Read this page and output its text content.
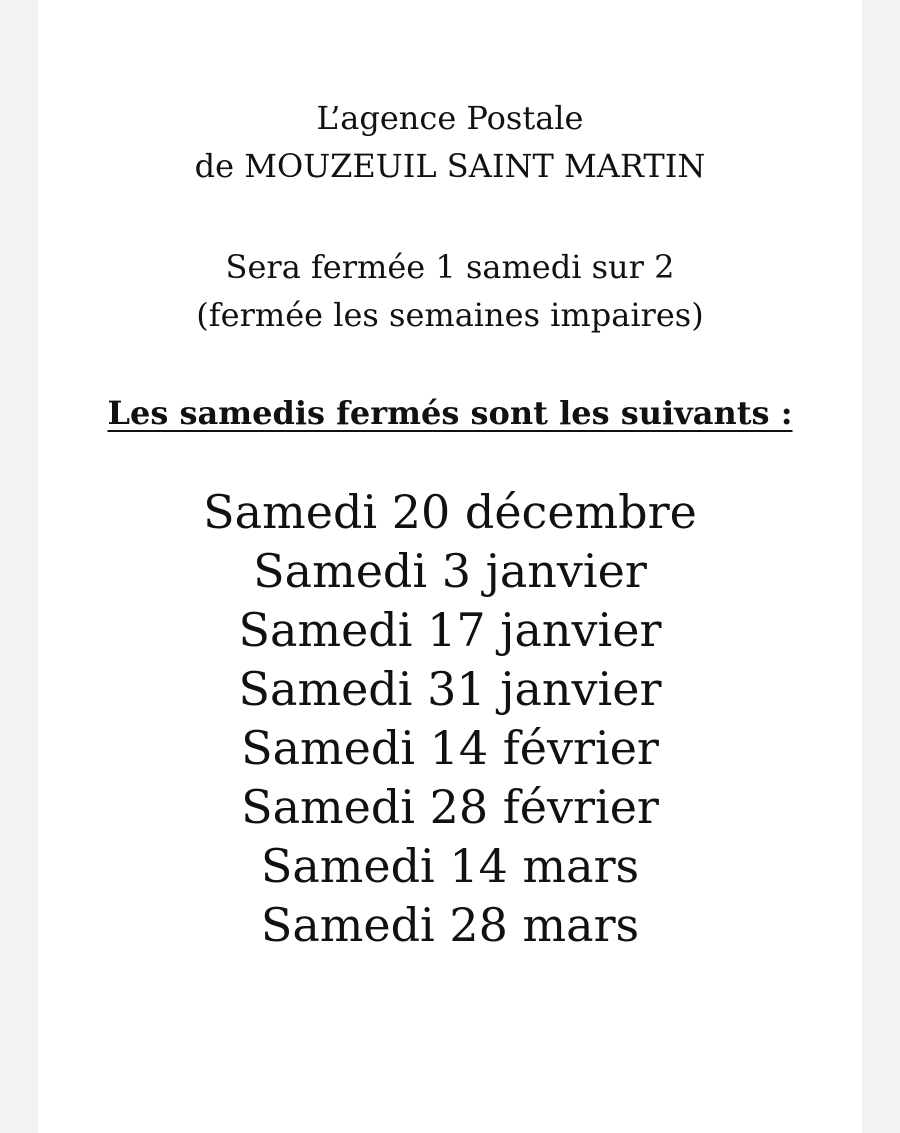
L’agence Postale

de MOUZEUIL SAINT MARTIN

Sera fermée 1 samedi sur 2

(fermée les semaines impaires)

Les samedis fermés sont les suivants :

Samedi 20 décembre
Samedi 3 janvier
Samedi 17 janvier
Samedi 31 janvier
Samedi 14 février
Samedi 28 février
Samedi 14 mars
Samedi 28 mars
